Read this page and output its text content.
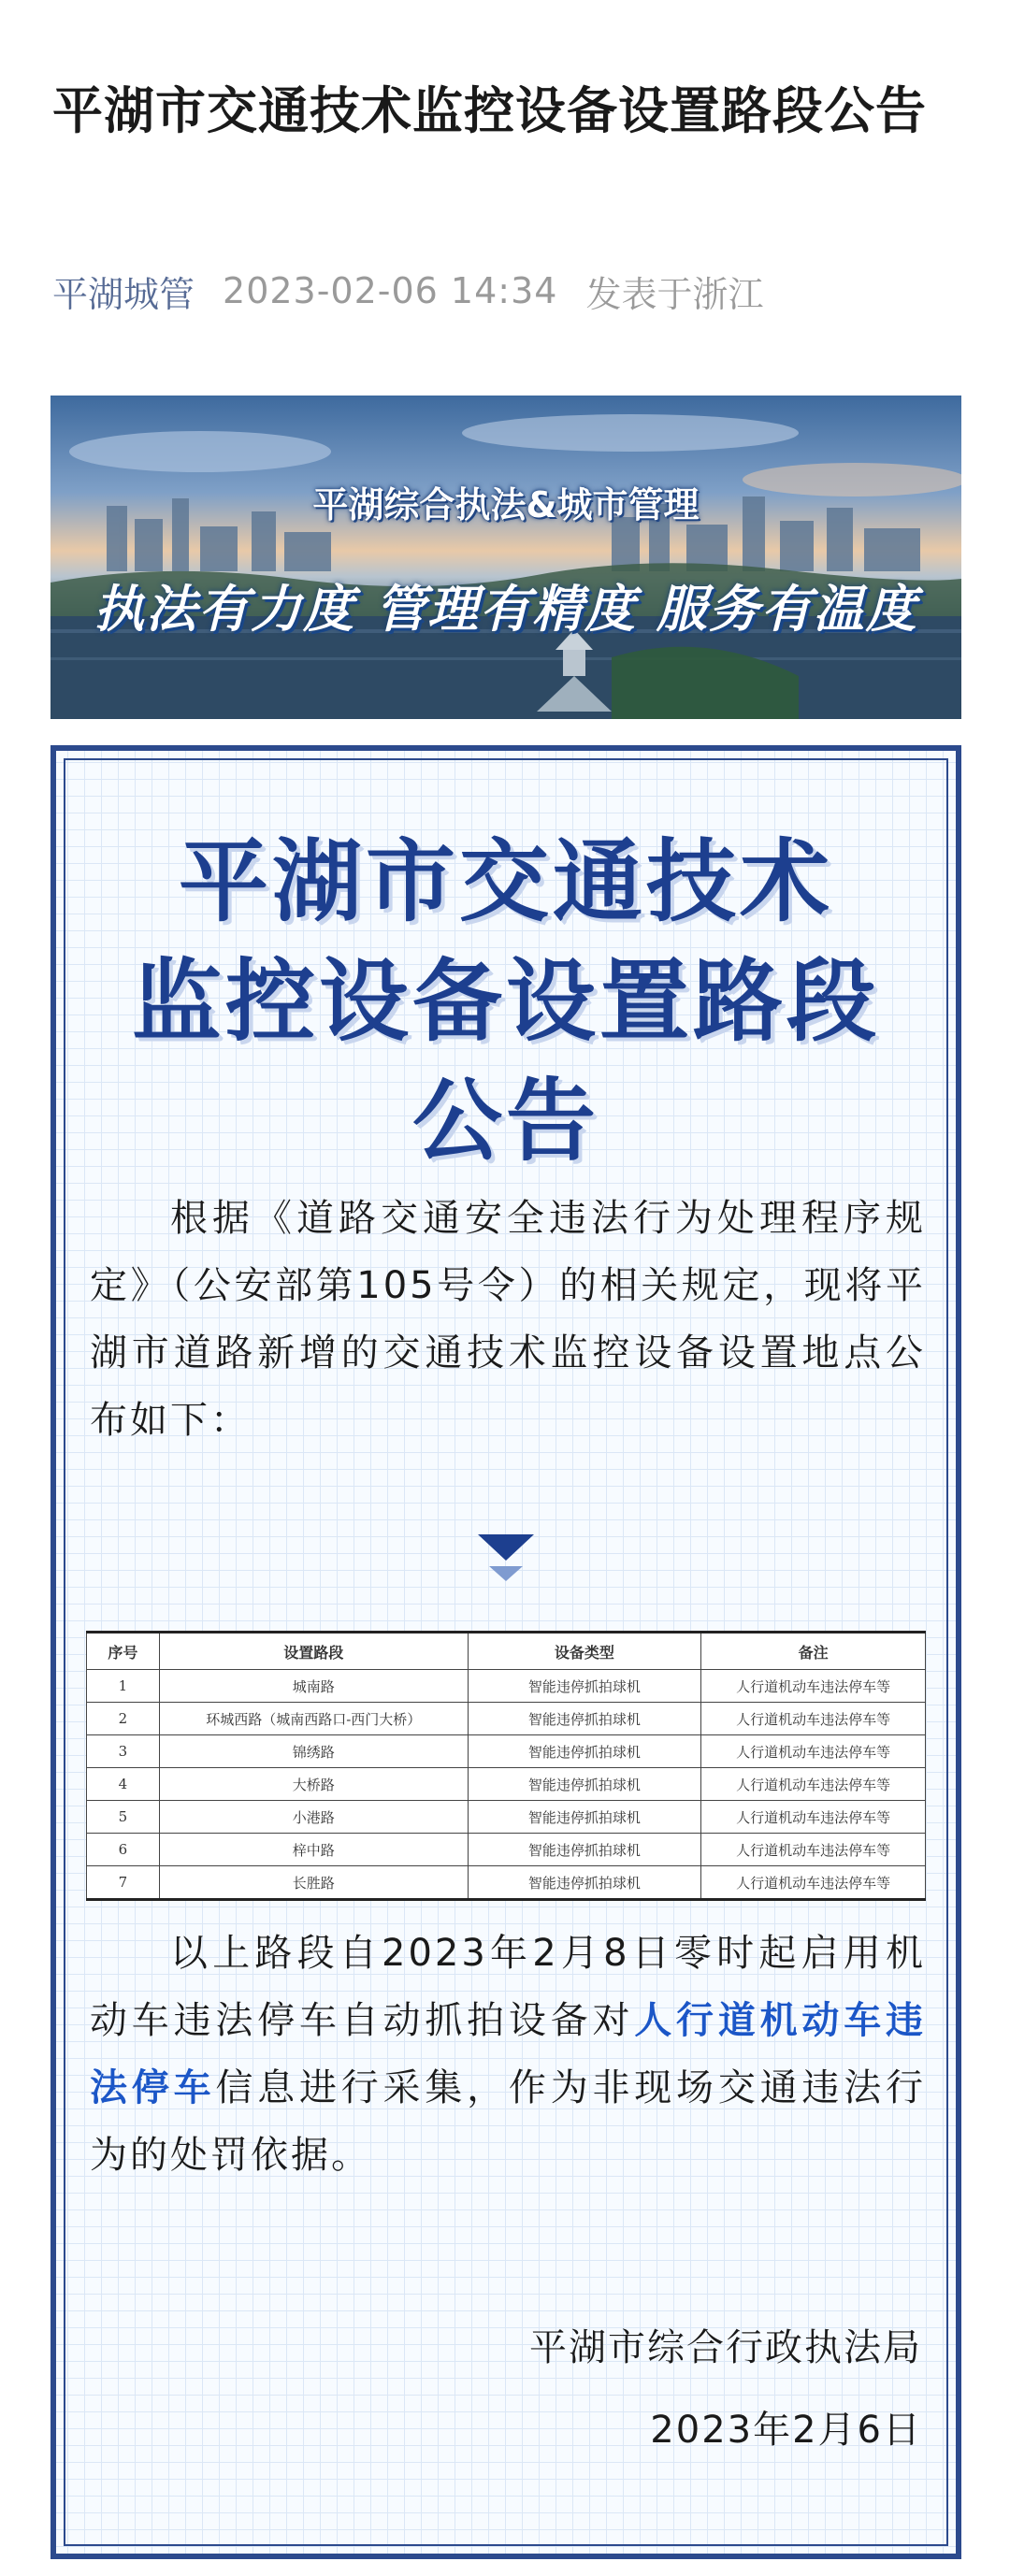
平湖市交通技术监控设备设置路段公告
平湖城管 2023-02-06 14:34 发表于浙江
平湖综合执法&城市管理
执法有力度 管理有精度 服务有温度
平湖市交通技术
监控设备设置路段
公告
根据《道路交通安全违法行为处理程序规定》（公安部第105号令）的相关规定，现将平湖市道路新增的交通技术监控设备设置地点公布如下：
序号	设置路段	设备类型	备注
1	城南路	智能违停抓拍球机	人行道机动车违法停车等
2	环城西路（城南西路口-西门大桥）	智能违停抓拍球机	人行道机动车违法停车等
3	锦绣路	智能违停抓拍球机	人行道机动车违法停车等
4	大桥路	智能违停抓拍球机	人行道机动车违法停车等
5	小港路	智能违停抓拍球机	人行道机动车违法停车等
6	梓中路	智能违停抓拍球机	人行道机动车违法停车等
7	长胜路	智能违停抓拍球机	人行道机动车违法停车等
以上路段自2023年2月8日零时起启用机动车违法停车自动抓拍设备对人行道机动车违法停车信息进行采集，作为非现场交通违法行为的处罚依据。
平湖市综合行政执法局
2023年2月6日
